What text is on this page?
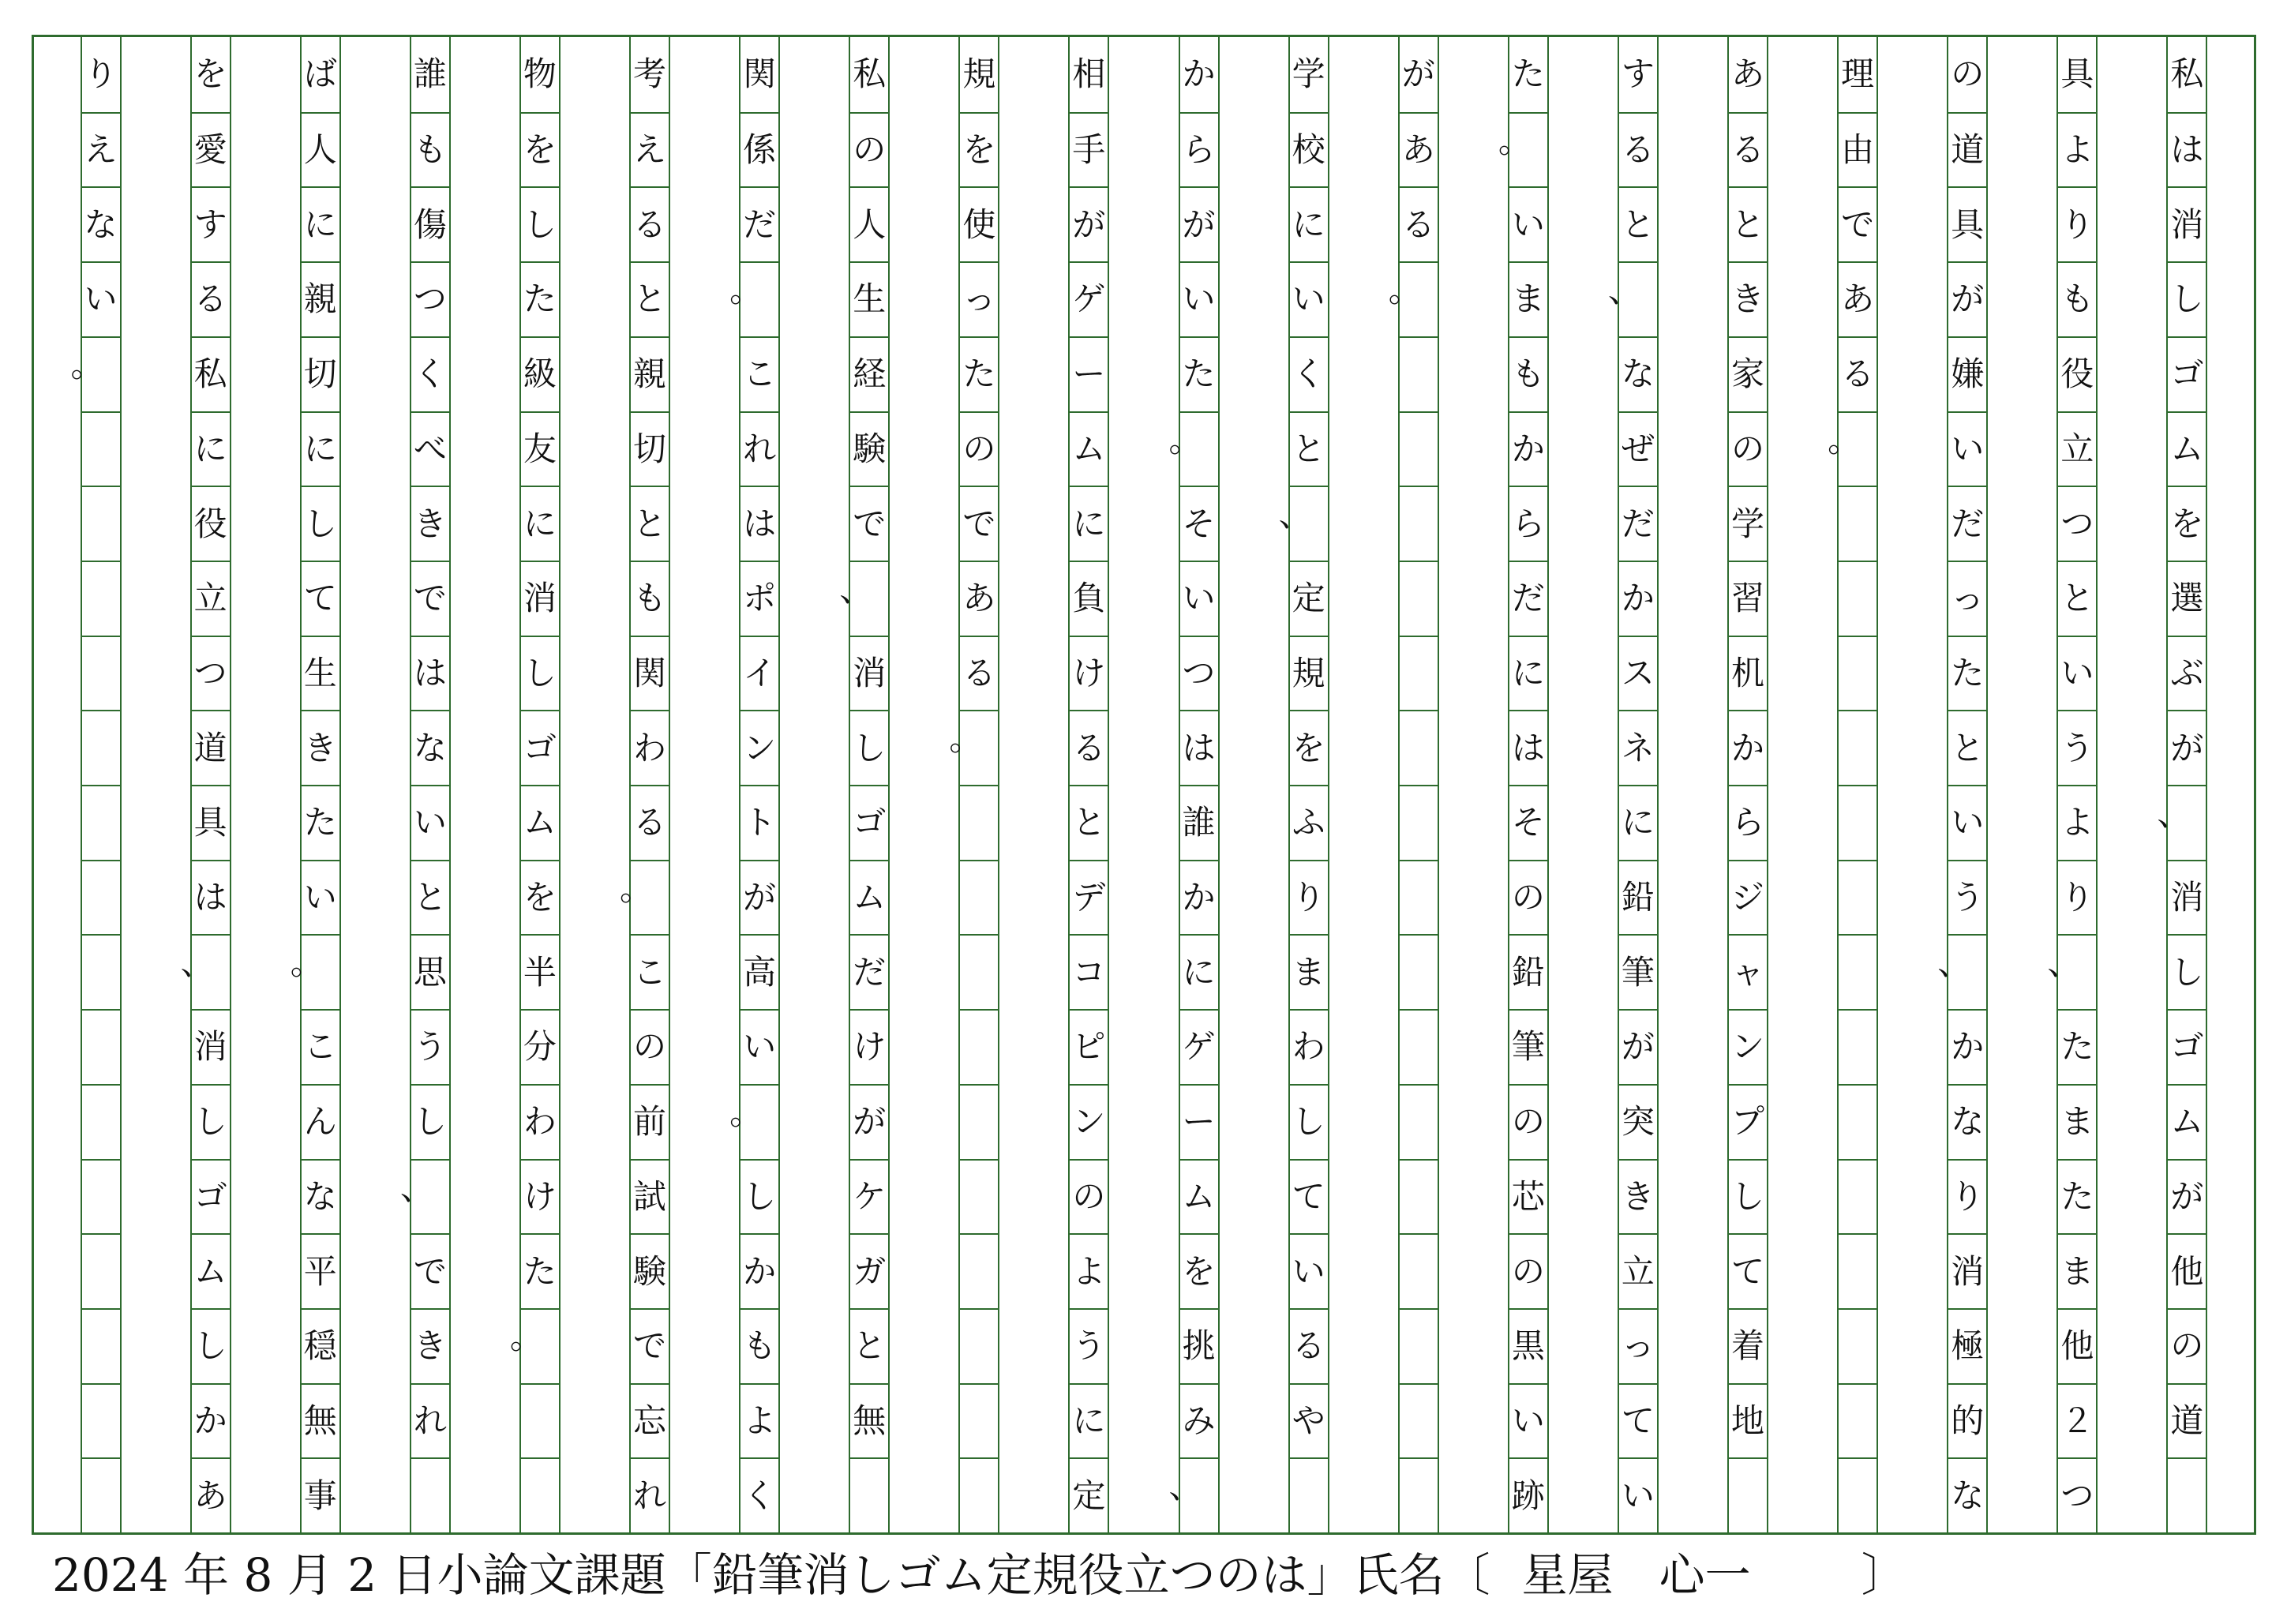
私
は
消
し
ゴ
ム
を
選
ぶ
が
、
消
し
ゴ
ム
が
他
の
道
具
よ
り
も
役
立
つ
と
い
う
よ
り
、
た
ま
た
ま
他
２
つ
の
道
具
が
嫌
い
だ
っ
た
と
い
う
、
か
な
り
消
極
的
な
理
由
で
あ
る
。
あ
る
と
き
家
の
学
習
机
か
ら
ジ
ャ
ン
プ
し
て
着
地
す
る
と
、
な
ぜ
だ
か
ス
ネ
に
鉛
筆
が
突
き
立
っ
て
い
た
。
い
ま
も
か
ら
だ
に
は
そ
の
鉛
筆
の
芯
の
黒
い
跡
が
あ
る
。
学
校
に
い
く
と
、
定
規
を
ふ
り
ま
わ
し
て
い
る
や
か
ら
が
い
た
。
そ
い
つ
は
誰
か
に
ゲ
ー
ム
を
挑
み
、
相
手
が
ゲ
ー
ム
に
負
け
る
と
デ
コ
ピ
ン
の
よ
う
に
定
規
を
使
っ
た
の
で
あ
る
。
私
の
人
生
経
験
で
、
消
し
ゴ
ム
だ
け
が
ケ
ガ
と
無
関
係
だ
。
こ
れ
は
ポ
イ
ン
ト
が
高
い
。
し
か
も
よ
く
考
え
る
と
親
切
と
も
関
わ
る
。
こ
の
前
試
験
で
忘
れ
物
を
し
た
級
友
に
消
し
ゴ
ム
を
半
分
わ
け
た
。
誰
も
傷
つ
く
べ
き
で
は
な
い
と
思
う
し
、
で
き
れ
ば
人
に
親
切
に
し
て
生
き
た
い
。
こ
ん
な
平
穏
無
事
を
愛
す
る
私
に
役
立
つ
道
具
は
、
消
し
ゴ
ム
し
か
あ
り
え
な
い
。
2024 年 8 月 2 日小論文課題「鉛筆消しゴム定規役立つのは」氏名〔 星屋　心一 〕
